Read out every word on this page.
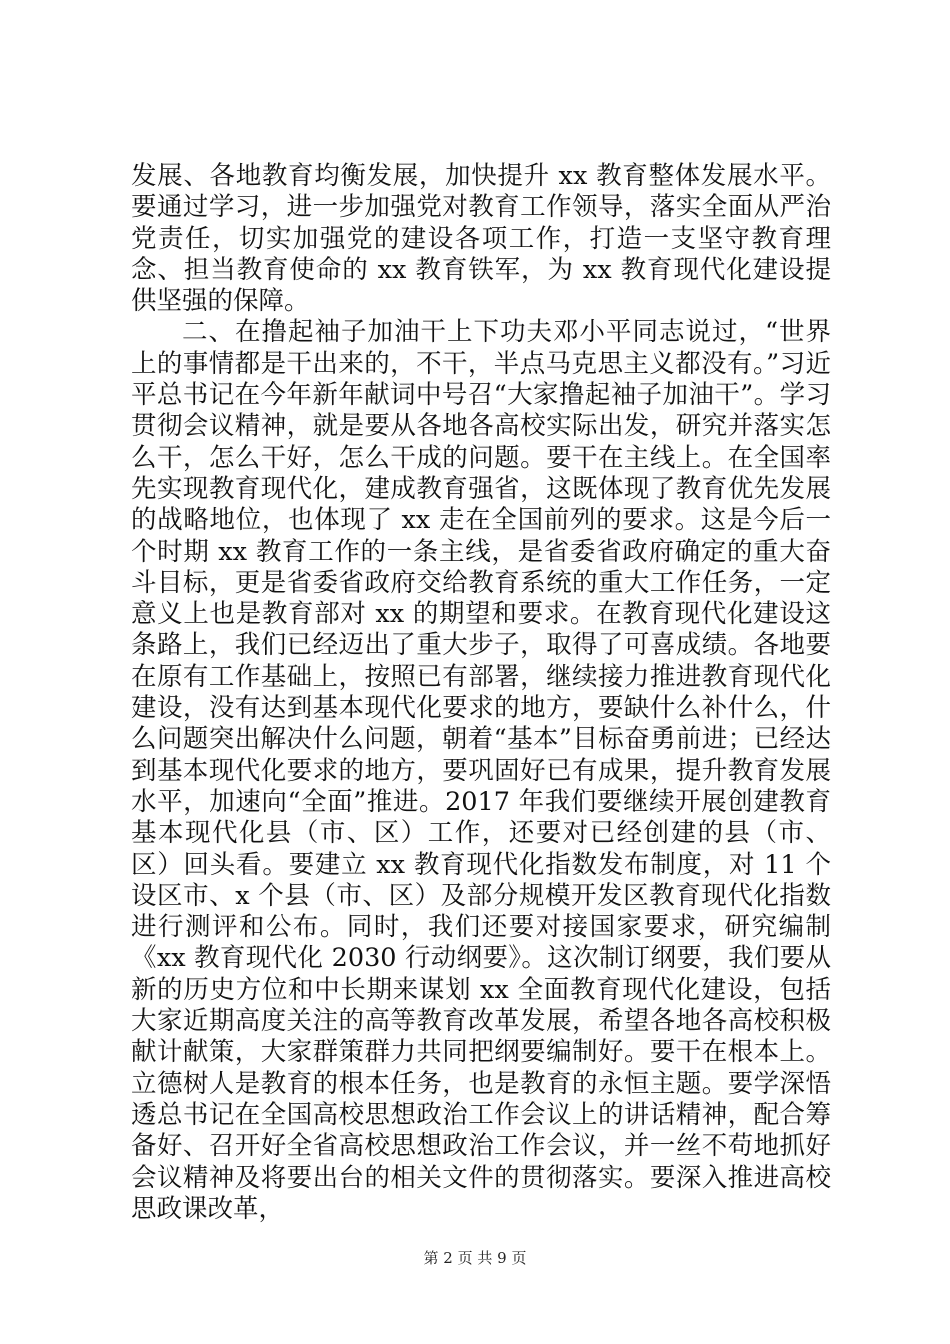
发展、各地教育均衡发展，加快提升 xx 教育整体发展水平。要通过学习，进一步加强党对教育工作领导，落实全面从严治党责任，切实加强党的建设各项工作，打造一支坚守教育理念、担当教育使命的 xx 教育铁军，为 xx 教育现代化建设提供坚强的保障。

二、在撸起袖子加油干上下功夫邓小平同志说过，“世界上的事情都是干出来的，不干，半点马克思主义都没有。”习近平总书记在今年新年献词中号召“大家撸起袖子加油干”。学习贯彻会议精神，就是要从各地各高校实际出发，研究并落实怎么干，怎么干好，怎么干成的问题。要干在主线上。在全国率先实现教育现代化，建成教育强省，这既体现了教育优先发展的战略地位，也体现了 xx 走在全国前列的要求。这是今后一个时期 xx 教育工作的一条主线，是省委省政府确定的重大奋斗目标，更是省委省政府交给教育系统的重大工作任务，一定意义上也是教育部对 xx 的期望和要求。在教育现代化建设这条路上，我们已经迈出了重大步子，取得了可喜成绩。各地要在原有工作基础上，按照已有部署，继续接力推进教育现代化建设，没有达到基本现代化要求的地方，要缺什么补什么，什么问题突出解决什么问题，朝着“基本”目标奋勇前进；已经达到基本现代化要求的地方，要巩固好已有成果，提升教育发展水平，加速向“全面”推进。2017 年我们要继续开展创建教育基本现代化县（市、区）工作，还要对已经创建的县（市、区）回头看。要建立 xx 教育现代化指数发布制度，对 11 个设区市、x 个县（市、区）及部分规模开发区教育现代化指数进行测评和公布。同时，我们还要对接国家要求，研究编制《xx 教育现代化 2030 行动纲要》。这次制订纲要，我们要从新的历史方位和中长期来谋划 xx 全面教育现代化建设，包括大家近期高度关注的高等教育改革发展，希望各地各高校积极献计献策，大家群策群力共同把纲要编制好。要干在根本上。立德树人是教育的根本任务，也是教育的永恒主题。要学深悟透总书记在全国高校思想政治工作会议上的讲话精神，配合筹备好、召开好全省高校思想政治工作会议，并一丝不苟地抓好会议精神及将要出台的相关文件的贯彻落实。要深入推进高校思政课改革，

第 2 页 共 9 页
